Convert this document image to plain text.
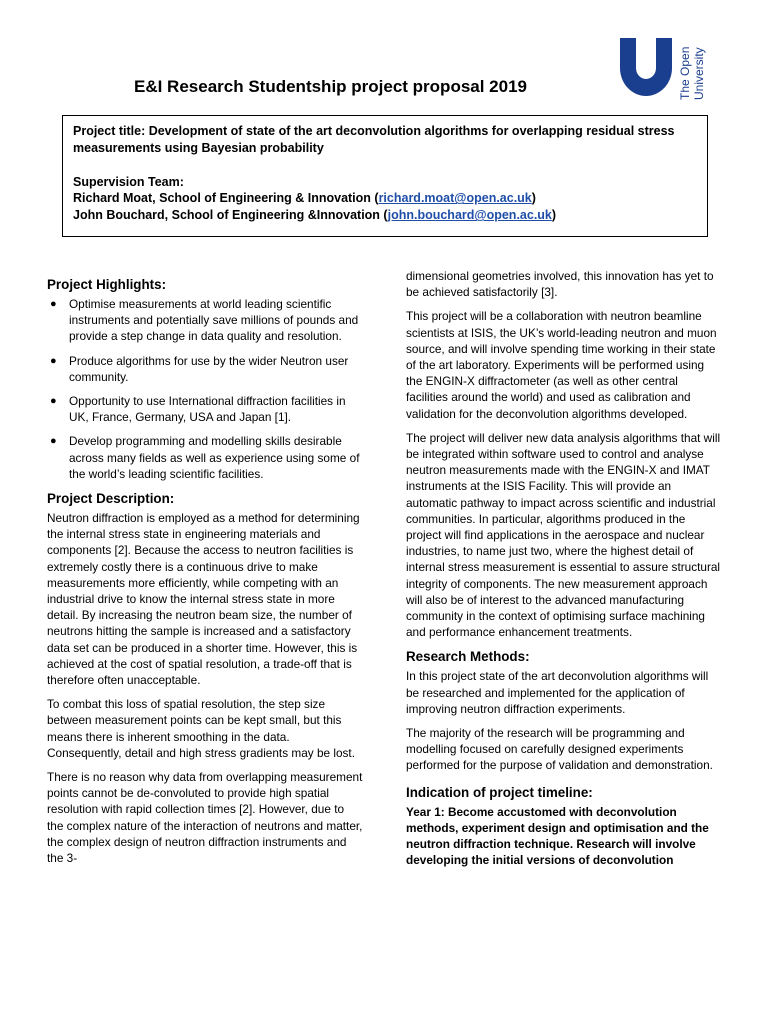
The Open University
E&I Research Studentship project proposal 2019

Project title: Development of state of the art deconvolution algorithms for overlapping residual stress measurements using Bayesian probability

Supervision Team:

Richard Moat, School of Engineering & Innovation (richard.moat@open.ac.uk)

John Bouchard, School of Engineering &Innovation (john.bouchard@open.ac.uk)

Project Highlights:
● Optimise measurements at world leading scientific instruments and potentially save millions of pounds and provide a step change in data quality and resolution.
● Produce algorithms for use by the wider Neutron user community.
● Opportunity to use International diffraction facilities in UK, France, Germany, USA and Japan [1].
● Develop programming and modelling skills desirable across many fields as well as experience using some of the world’s leading scientific facilities.
Project Description:

Neutron diffraction is employed as a method for determining the internal stress state in engineering materials and components [2]. Because the access to neutron facilities is extremely costly there is a continuous drive to make measurements more efficiently, while competing with an industrial drive to know the internal stress state in more detail. By increasing the neutron beam size, the number of neutrons hitting the sample is increased and a satisfactory data set can be produced in a shorter time. However, this is achieved at the cost of spatial resolution, a trade-off that is therefore often unacceptable.

To combat this loss of spatial resolution, the step size between measurement points can be kept small, but this means there is inherent smoothing in the data. Consequently, detail and high stress gradients may be lost.

There is no reason why data from overlapping measurement points cannot be de-convoluted to provide high spatial resolution with rapid collection times [2]. However, due to the complex nature of the interaction of neutrons and matter, the complex design of neutron diffraction instruments and the 3-

dimensional geometries involved, this innovation has yet to be achieved satisfactorily [3].

This project will be a collaboration with neutron beamline scientists at ISIS, the UK’s world-leading neutron and muon source, and will involve spending time working in their state of the art laboratory. Experiments will be performed using the ENGIN-X diffractometer (as well as other central facilities around the world) and used as calibration and validation for the deconvolution algorithms developed.

The project will deliver new data analysis algorithms that will be integrated within software used to control and analyse neutron measurements made with the ENGIN-X and IMAT instruments at the ISIS Facility. This will provide an automatic pathway to impact across scientific and industrial communities. In particular, algorithms produced in the project will find applications in the aerospace and nuclear industries, to name just two, where the highest detail of internal stress measurement is essential to assure structural integrity of components. The new measurement approach will also be of interest to the advanced manufacturing community in the context of optimising surface machining and performance enhancement treatments.

Research Methods:

In this project state of the art deconvolution algorithms will be researched and implemented for the application of improving neutron diffraction experiments.

The majority of the research will be programming and modelling focused on carefully designed experiments performed for the purpose of validation and demonstration.

Indication of project timeline:

Year 1: Become accustomed with deconvolution methods, experiment design and optimisation and the neutron diffraction technique. Research will involve developing the initial versions of deconvolution
